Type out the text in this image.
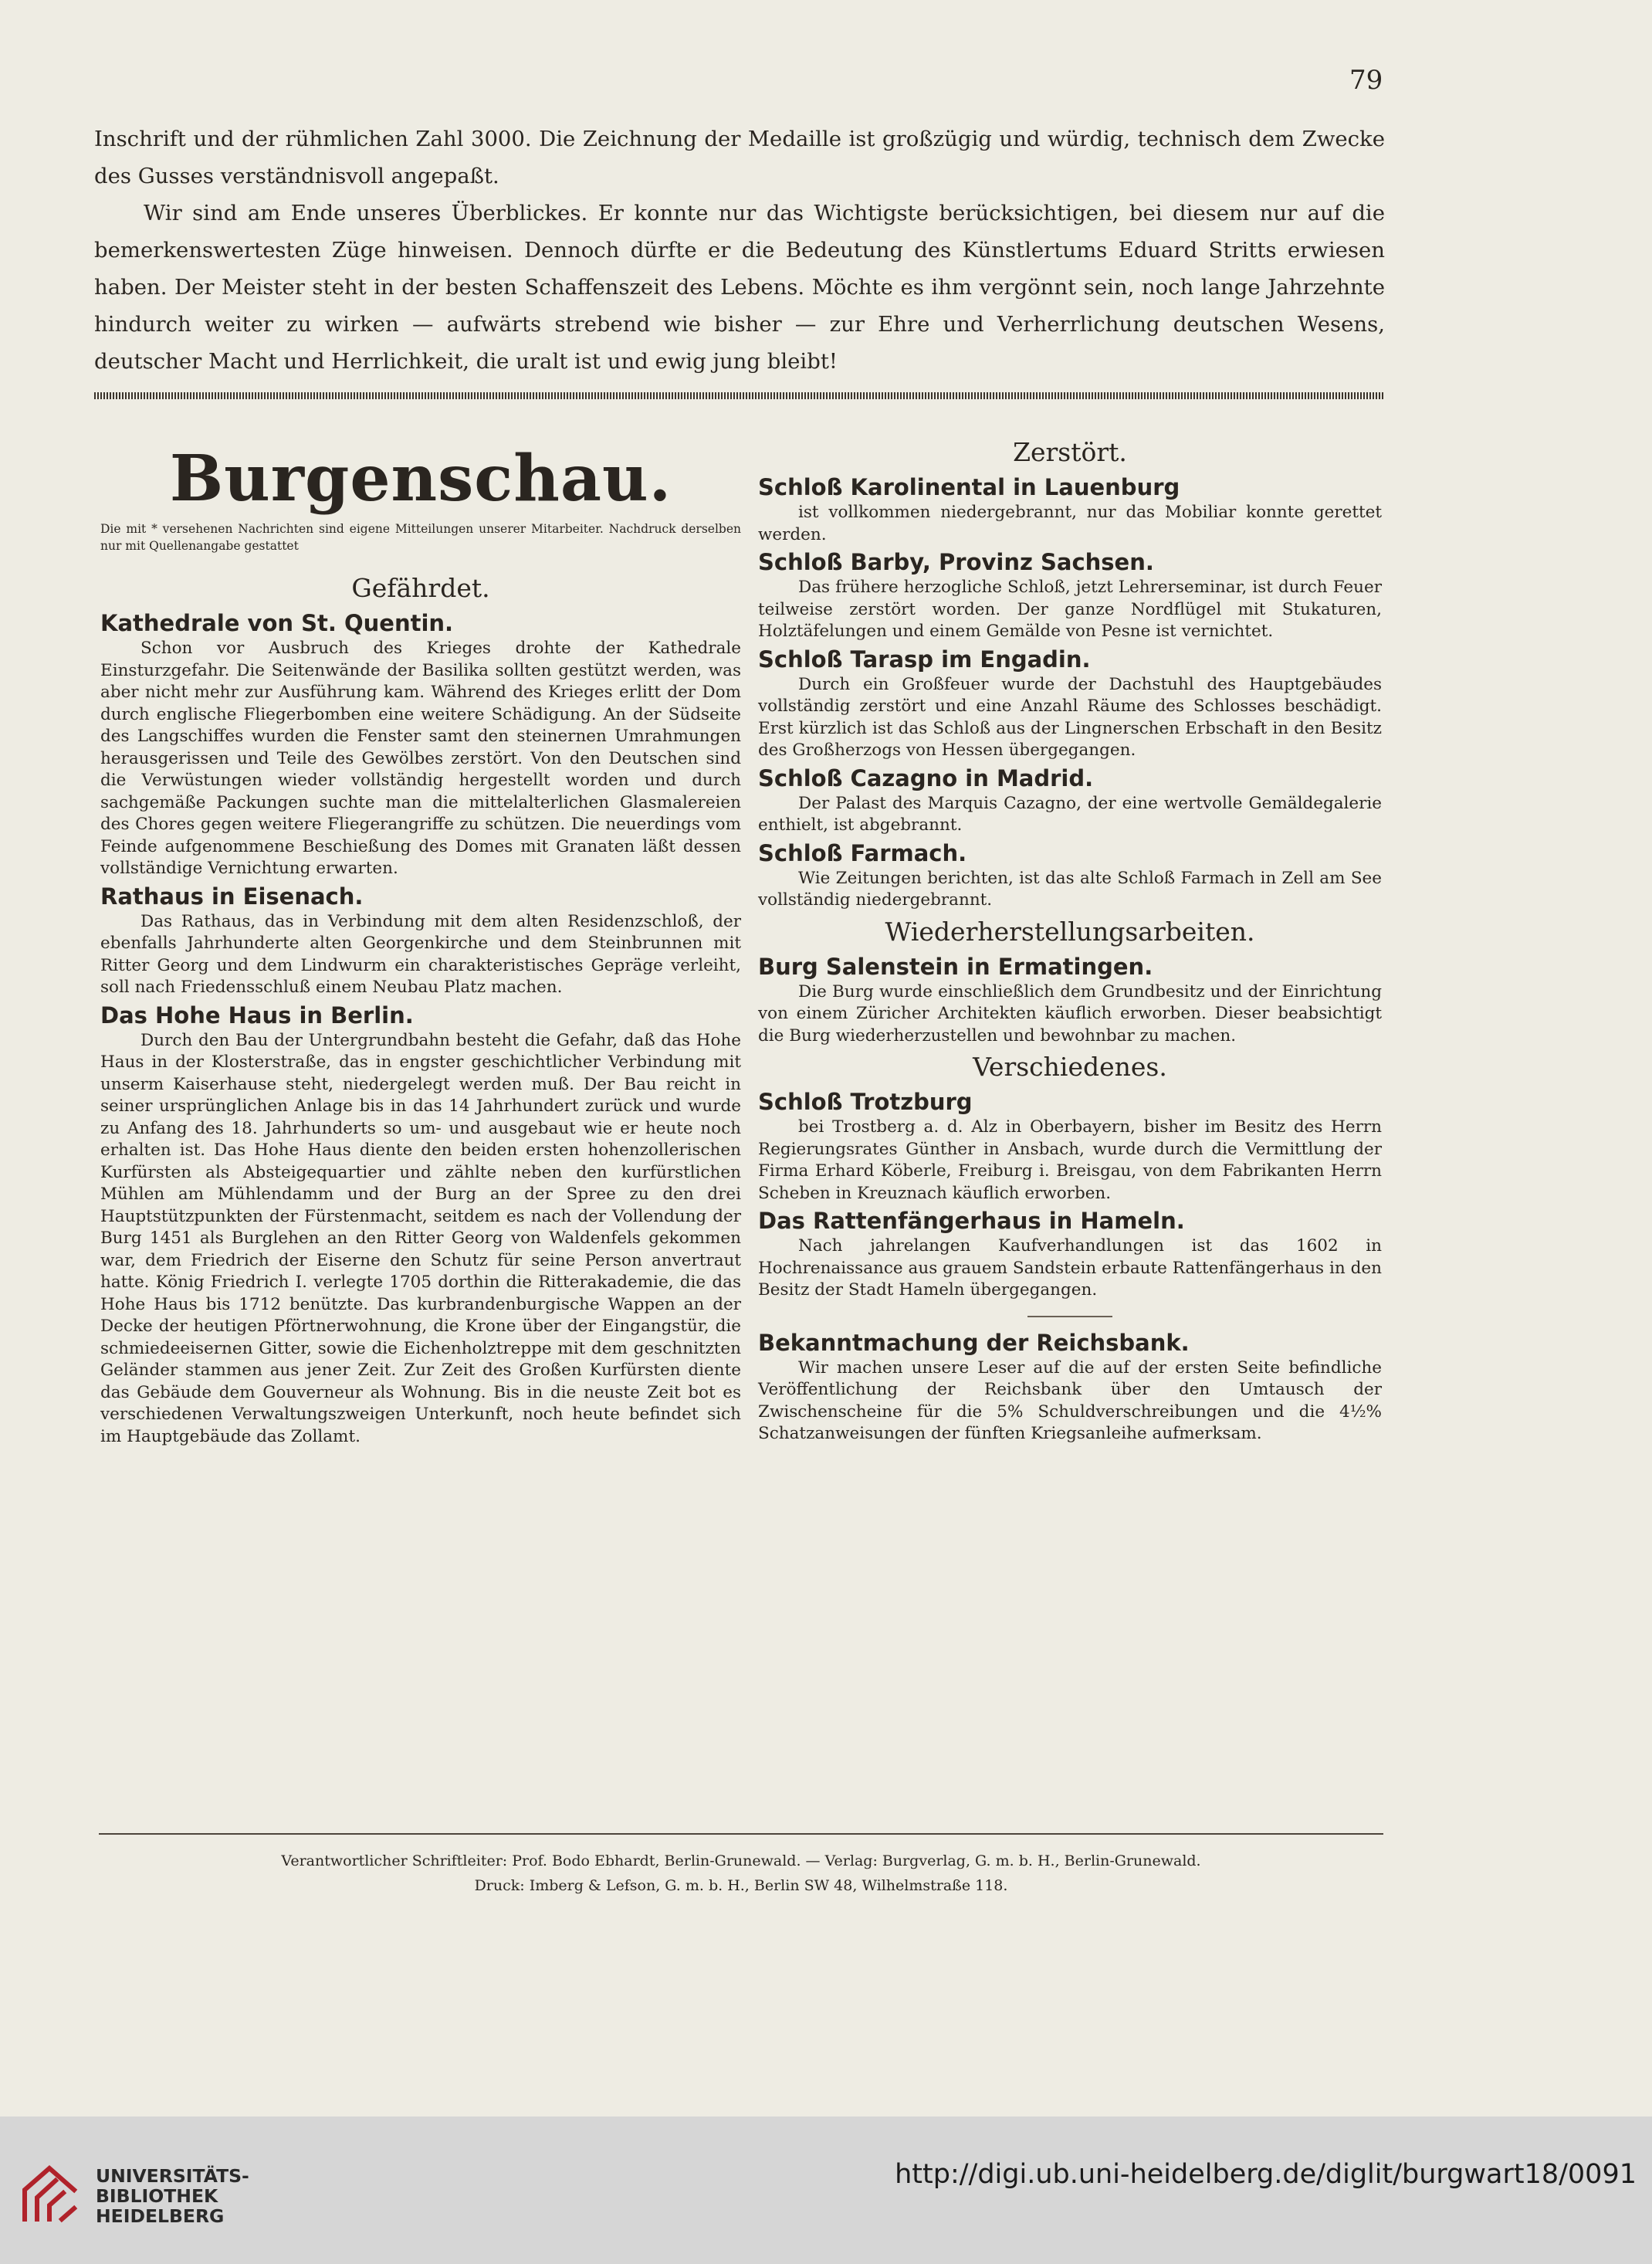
79

Inschrift und der rühmlichen Zahl 3000. Die Zeichnung der Medaille ist großzügig und würdig, technisch dem Zwecke des Gusses verständnisvoll angepaßt.

Wir sind am Ende unseres Überblickes. Er konnte nur das Wichtigste berücksichtigen, bei diesem nur auf die bemerkenswertesten Züge hinweisen. Dennoch dürfte er die Bedeutung des Künstlertums Eduard Stritts erwiesen haben. Der Meister steht in der besten Schaffenszeit des Lebens. Möchte es ihm vergönnt sein, noch lange Jahrzehnte hindurch weiter zu wirken — aufwärts strebend wie bisher — zur Ehre und Verherrlichung deutschen Wesens, deutscher Macht und Herrlichkeit, die uralt ist und ewig jung bleibt!

Burgenschau.
Die mit * versehenen Nachrichten sind eigene Mitteilungen unserer Mitarbeiter. Nachdruck derselben nur mit Quellenangabe gestattet
Gefährdet.
Kathedrale von St. Quentin.

Schon vor Ausbruch des Krieges drohte der Kathedrale Einsturzgefahr. Die Seitenwände der Basilika sollten gestützt werden, was aber nicht mehr zur Ausführung kam. Während des Krieges erlitt der Dom durch englische Fliegerbomben eine weitere Schädigung. An der Südseite des Langschiffes wurden die Fenster samt den steinernen Umrahmungen herausgerissen und Teile des Gewölbes zerstört. Von den Deutschen sind die Verwüstungen wieder vollständig hergestellt worden und durch sachgemäße Packungen suchte man die mittelalterlichen Glasmalereien des Chores gegen weitere Fliegerangriffe zu schützen. Die neuerdings vom Feinde aufgenommene Beschießung des Domes mit Granaten läßt dessen vollständige Vernichtung erwarten.

Rathaus in Eisenach.

Das Rathaus, das in Verbindung mit dem alten Residenzschloß, der ebenfalls Jahrhunderte alten Georgenkirche und dem Steinbrunnen mit Ritter Georg und dem Lindwurm ein charakteristisches Gepräge verleiht, soll nach Friedensschluß einem Neubau Platz machen.

Das Hohe Haus in Berlin.

Durch den Bau der Untergrundbahn besteht die Gefahr, daß das Hohe Haus in der Klosterstraße, das in engster geschichtlicher Verbindung mit unserm Kaiserhause steht, niedergelegt werden muß. Der Bau reicht in seiner ursprünglichen Anlage bis in das 14 Jahrhundert zurück und wurde zu Anfang des 18. Jahrhunderts so um- und ausgebaut wie er heute noch erhalten ist. Das Hohe Haus diente den beiden ersten hohenzollerischen Kurfürsten als Absteigequartier und zählte neben den kurfürstlichen Mühlen am Mühlendamm und der Burg an der Spree zu den drei Hauptstützpunkten der Fürstenmacht, seitdem es nach der Vollendung der Burg 1451 als Burglehen an den Ritter Georg von Waldenfels gekommen war, dem Friedrich der Eiserne den Schutz für seine Person anvertraut hatte. König Friedrich I. verlegte 1705 dorthin die Ritterakademie, die das Hohe Haus bis 1712 benützte. Das kurbrandenburgische Wappen an der Decke der heutigen Pförtnerwohnung, die Krone über der Eingangstür, die schmiedeeisernen Gitter, sowie die Eichenholztreppe mit dem geschnitzten Geländer stammen aus jener Zeit. Zur Zeit des Großen Kurfürsten diente das Gebäude dem Gouverneur als Wohnung. Bis in die neuste Zeit bot es verschiedenen Verwaltungszweigen Unterkunft, noch heute befindet sich im Hauptgebäude das Zollamt.

Zerstört.
Schloß Karolinental in Lauenburg

ist vollkommen niedergebrannt, nur das Mobiliar konnte gerettet werden.

Schloß Barby, Provinz Sachsen.

Das frühere herzogliche Schloß, jetzt Lehrerseminar, ist durch Feuer teilweise zerstört worden. Der ganze Nordflügel mit Stukaturen, Holztäfelungen und einem Gemälde von Pesne ist vernichtet.

Schloß Tarasp im Engadin.

Durch ein Großfeuer wurde der Dachstuhl des Hauptgebäudes vollständig zerstört und eine Anzahl Räume des Schlosses beschädigt. Erst kürzlich ist das Schloß aus der Lingnerschen Erbschaft in den Besitz des Großherzogs von Hessen übergegangen.

Schloß Cazagno in Madrid.

Der Palast des Marquis Cazagno, der eine wertvolle Gemäldegalerie enthielt, ist abgebrannt.

Schloß Farmach.

Wie Zeitungen berichten, ist das alte Schloß Farmach in Zell am See vollständig niedergebrannt.

Wiederherstellungsarbeiten.
Burg Salenstein in Ermatingen.

Die Burg wurde einschließlich dem Grundbesitz und der Einrichtung von einem Züricher Architekten käuflich erworben. Dieser beabsichtigt die Burg wiederherzustellen und bewohnbar zu machen.

Verschiedenes.
Schloß Trotzburg

bei Trostberg a. d. Alz in Oberbayern, bisher im Besitz des Herrn Regierungsrates Günther in Ansbach, wurde durch die Vermittlung der Firma Erhard Köberle, Freiburg i. Breisgau, von dem Fabrikanten Herrn Scheben in Kreuznach käuflich erworben.

Das Rattenfängerhaus in Hameln.

Nach jahrelangen Kaufverhandlungen ist das 1602 in Hochrenaissance aus grauem Sandstein erbaute Rattenfängerhaus in den Besitz der Stadt Hameln übergegangen.

Bekanntmachung der Reichsbank.

Wir machen unsere Leser auf die auf der ersten Seite befindliche Veröffentlichung der Reichsbank über den Umtausch der Zwischenscheine für die 5% Schuldverschreibungen und die 4½% Schatzanweisungen der fünften Kriegsanleihe aufmerksam.

Verantwortlicher Schriftleiter: Prof. Bodo Ebhardt, Berlin-Grunewald. — Verlag: Burgverlag, G. m. b. H., Berlin-Grunewald.
Druck: Imberg & Lefson, G. m. b. H., Berlin SW 48, Wilhelmstraße 118.
UNIVERSITÄTS-
BIBLIOTHEK
HEIDELBERG
http://digi.ub.uni-heidelberg.de/diglit/burgwart18/0091
